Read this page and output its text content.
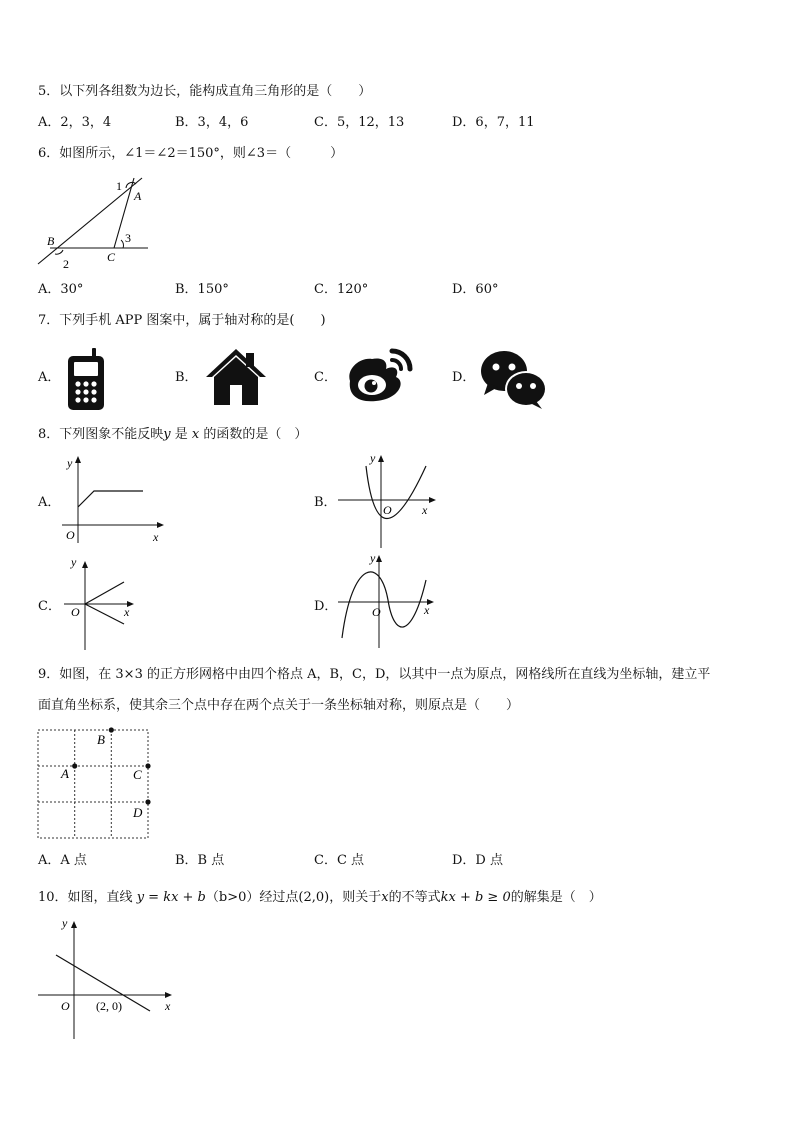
5．以下列各组数为边长，能构成直角三角形的是（　　）
A．2，3，4	B．3，4，6	C．5，12，13	D．6，7，11
6．如图所示，∠1＝∠2＝150°，则∠3＝（　　　）
1
A
B
2	C
3
A．30°	B．150°	C．120°	D．60°
7．下列手机 APP 图案中，属于轴对称的是(　　)
A．	B．	C．	D．
8．下列图象不能反映y 是 x 的函数的是（　）
A．
y
x
O
B．
y
x
O
C．
y
x
O	D．
y
x
O
9．如图，在 3×3 的正方形网格中由四个格点 A，B，C，D，以其中一点为原点，网格线所在直线为坐标轴，建立平
面直角坐标系，使其余三个点中存在两个点关于一条坐标轴对称，则原点是（　　）
B
A	C
D
A．A 点	B．B 点	C．C 点	D．D 点
10．如图，直线 y = kx + b（b>0）经过点(2,0)，则关于x的不等式kx + b ≥ 0的解集是（　）
y
x
O (2, 0)
